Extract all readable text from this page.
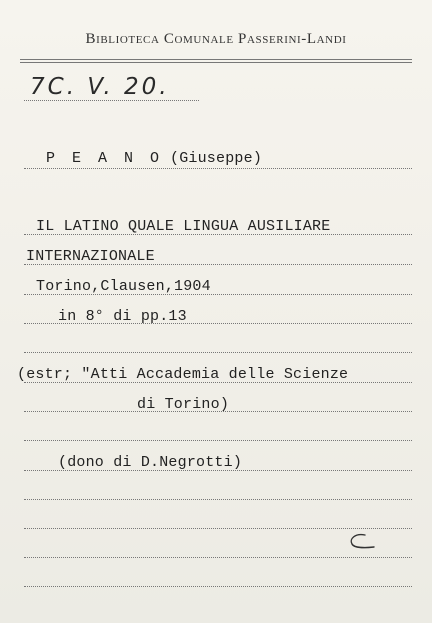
Biblioteca Comunale Passerini-Landi
7C. V. 20.
P E A N O (Giuseppe)
IL LATINO QUALE LINGUA AUSILIARE
INTERNAZIONALE
Torino,Clausen,1904
in 8° di pp.13
(estr; "Atti Accademia delle Scienze
di Torino)
(dono di D.Negrotti)
